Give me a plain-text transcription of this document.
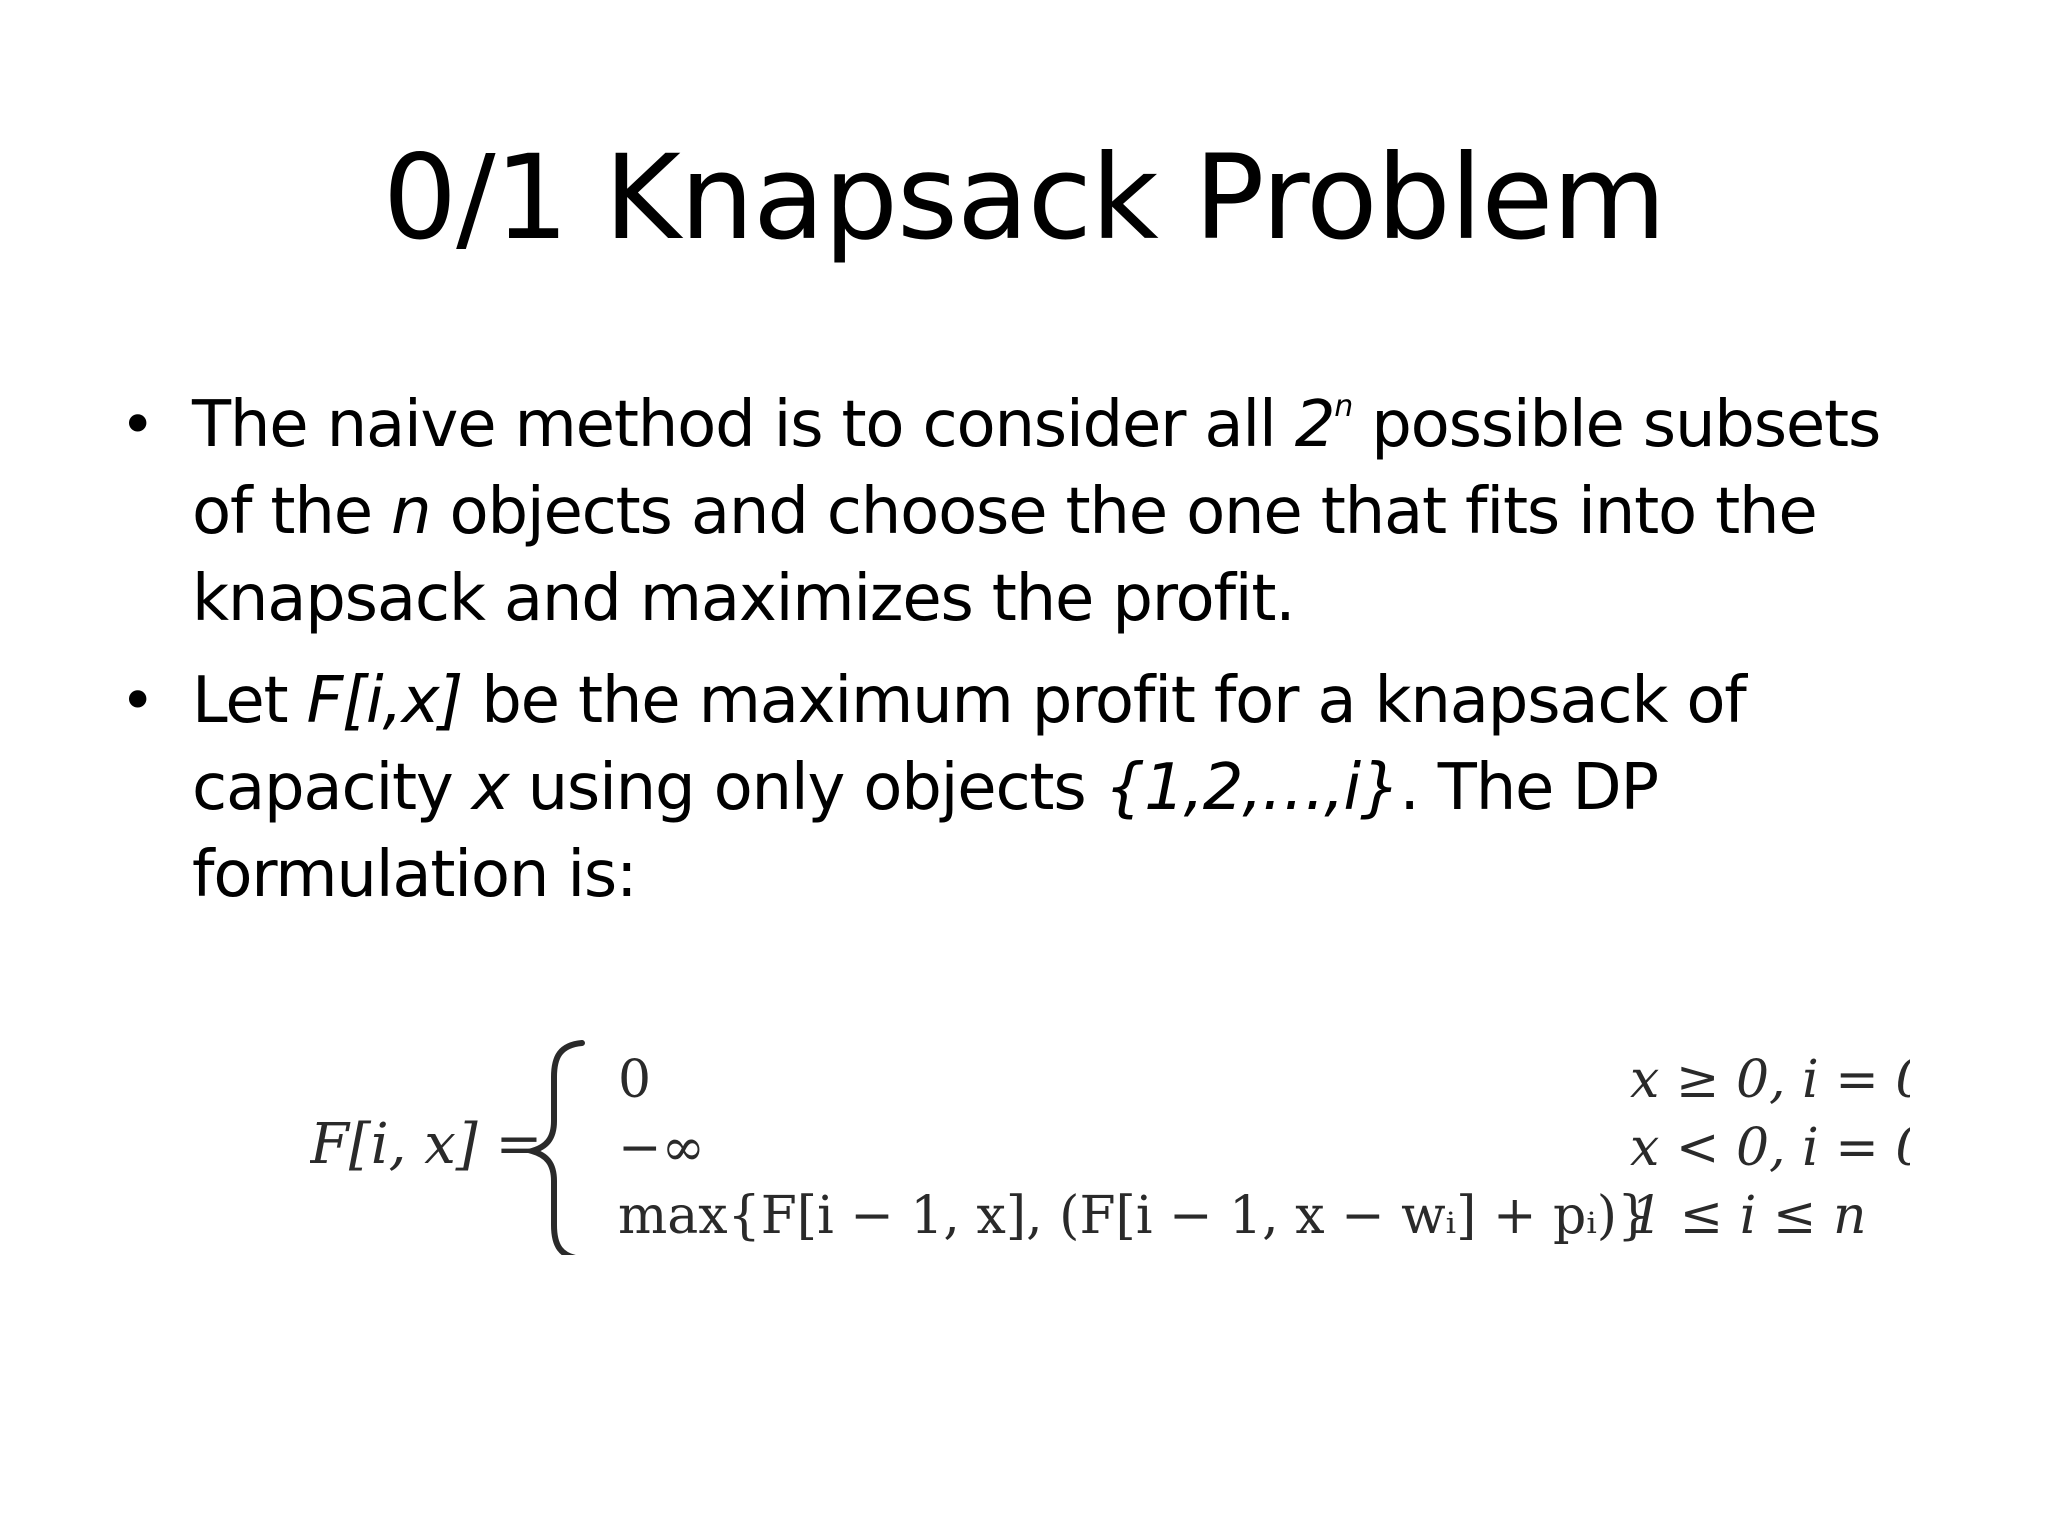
0/1 Knapsack Problem
• The naive method is to consider all 2$^n$ possible subsets of the n objects and choose the one that fits into the knapsack and maximizes the profit.
• Let F[i,x] be the maximum profit for a knapsack of capacity x using only objects {1,2,…,i}. The DP formulation is:
F[i, x] =
0
−∞
max{F[i − 1, x], (F[i − 1, x − wᵢ] + pᵢ)}
x ≥ 0, i = 0
x < 0, i = 0
1 ≤ i ≤ n
